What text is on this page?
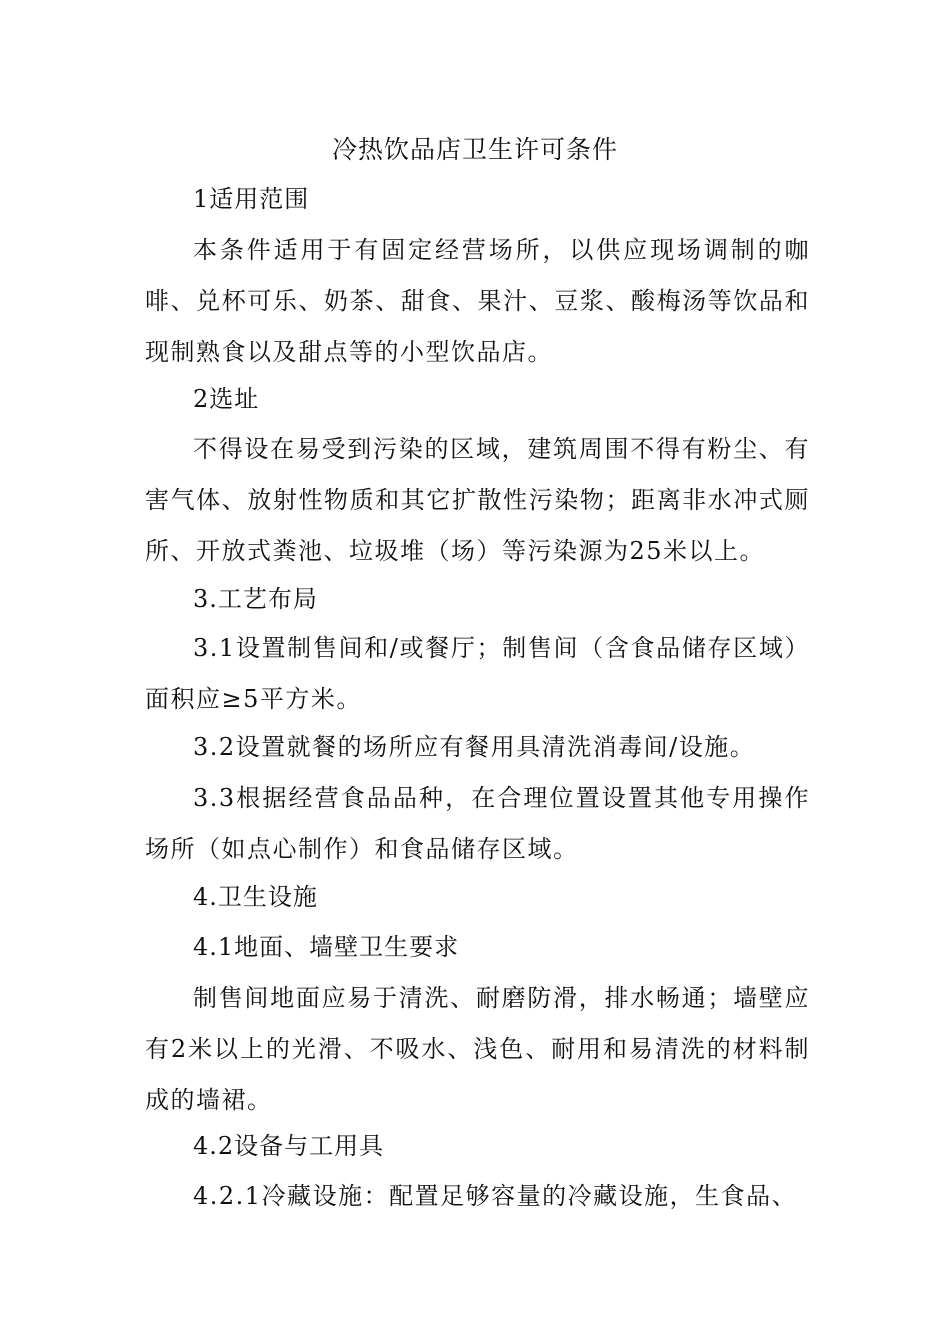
冷热饮品店卫生许可条件

1适用范围

本条件适用于有固定经营场所，以供应现场调制的咖啡、兑杯可乐、奶茶、甜食、果汁、豆浆、酸梅汤等饮品和现制熟食以及甜点等的小型饮品店。

2选址

不得设在易受到污染的区域，建筑周围不得有粉尘、有害气体、放射性物质和其它扩散性污染物；距离非水冲式厕所、开放式粪池、垃圾堆（场）等污染源为25米以上。

3.工艺布局

3.1设置制售间和/或餐厅；制售间（含食品储存区域）面积应≥5平方米。

3.2设置就餐的场所应有餐用具清洗消毒间/设施。

3.3根据经营食品品种，在合理位置设置其他专用操作场所（如点心制作）和食品储存区域。

4.卫生设施

4.1地面、墙壁卫生要求

制售间地面应易于清洗、耐磨防滑，排水畅通；墙壁应有2米以上的光滑、不吸水、浅色、耐用和易清洗的材料制成的墙裙。

4.2设备与工用具

4.2.1冷藏设施：配置足够容量的冷藏设施，生食品、
